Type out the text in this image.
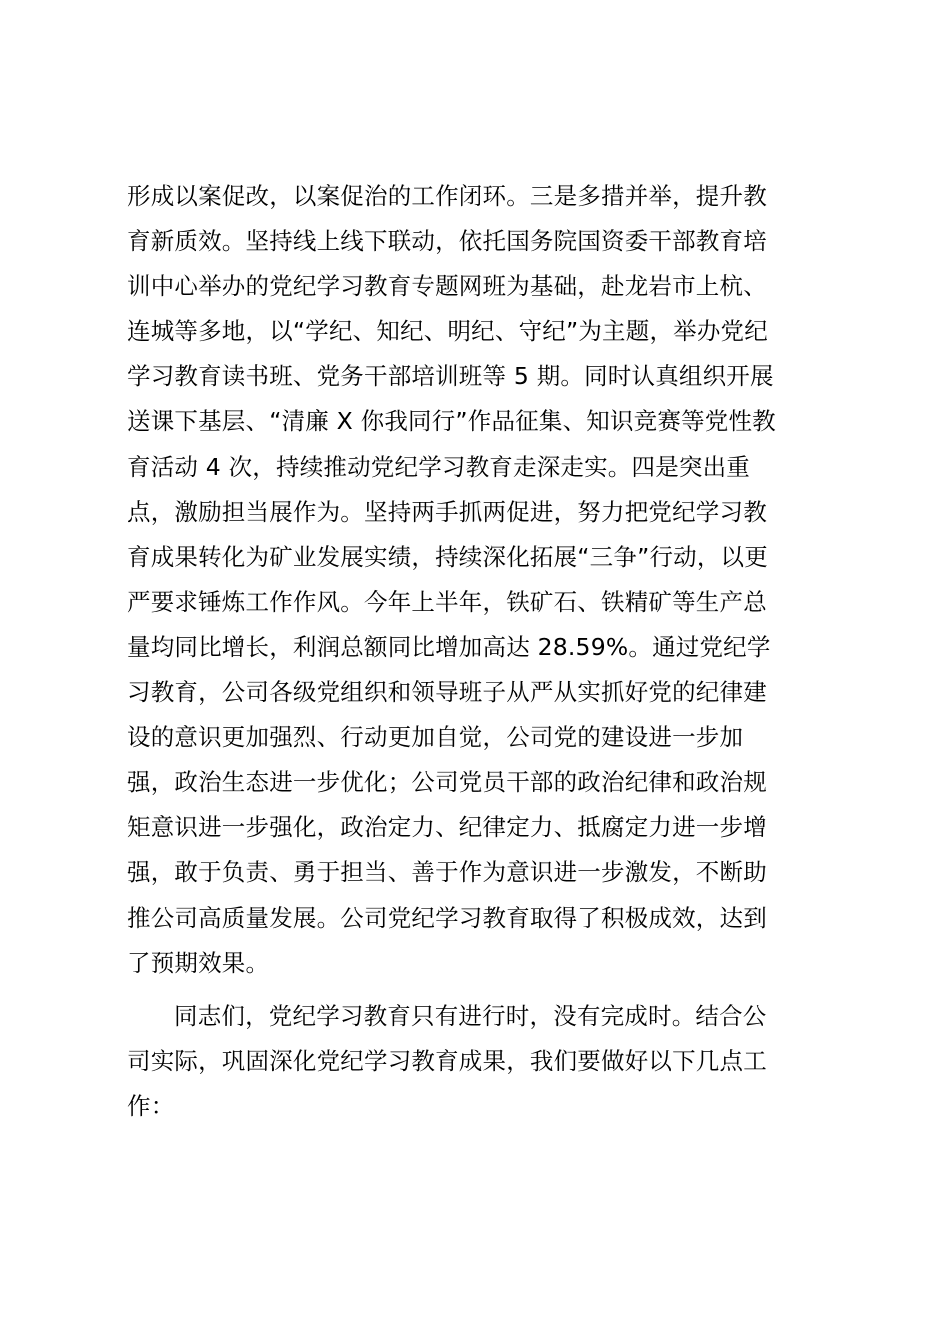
形成以案促改，以案促治的工作闭环。三是多措并举，提升教
育新质效。坚持线上线下联动，依托国务院国资委干部教育培
训中心举办的党纪学习教育专题网班为基础，赴龙岩市上杭、
连城等多地，以“学纪、知纪、明纪、守纪”为主题，举办党纪
学习教育读书班、党务干部培训班等 5 期。同时认真组织开展
送课下基层、“清廉 X 你我同行”作品征集、知识竞赛等党性教
育活动 4 次，持续推动党纪学习教育走深走实。四是突出重
点，激励担当展作为。坚持两手抓两促进，努力把党纪学习教
育成果转化为矿业发展实绩，持续深化拓展“三争”行动，以更
严要求锤炼工作作风。今年上半年，铁矿石、铁精矿等生产总
量均同比增长，利润总额同比增加高达 28.59%。通过党纪学
习教育，公司各级党组织和领导班子从严从实抓好党的纪律建
设的意识更加强烈、行动更加自觉，公司党的建设进一步加
强，政治生态进一步优化；公司党员干部的政治纪律和政治规
矩意识进一步强化，政治定力、纪律定力、抵腐定力进一步增
强，敢于负责、勇于担当、善于作为意识进一步激发，不断助
推公司高质量发展。公司党纪学习教育取得了积极成效，达到
了预期效果。
同志们，党纪学习教育只有进行时，没有完成时。结合公
司实际，巩固深化党纪学习教育成果，我们要做好以下几点工
作：
